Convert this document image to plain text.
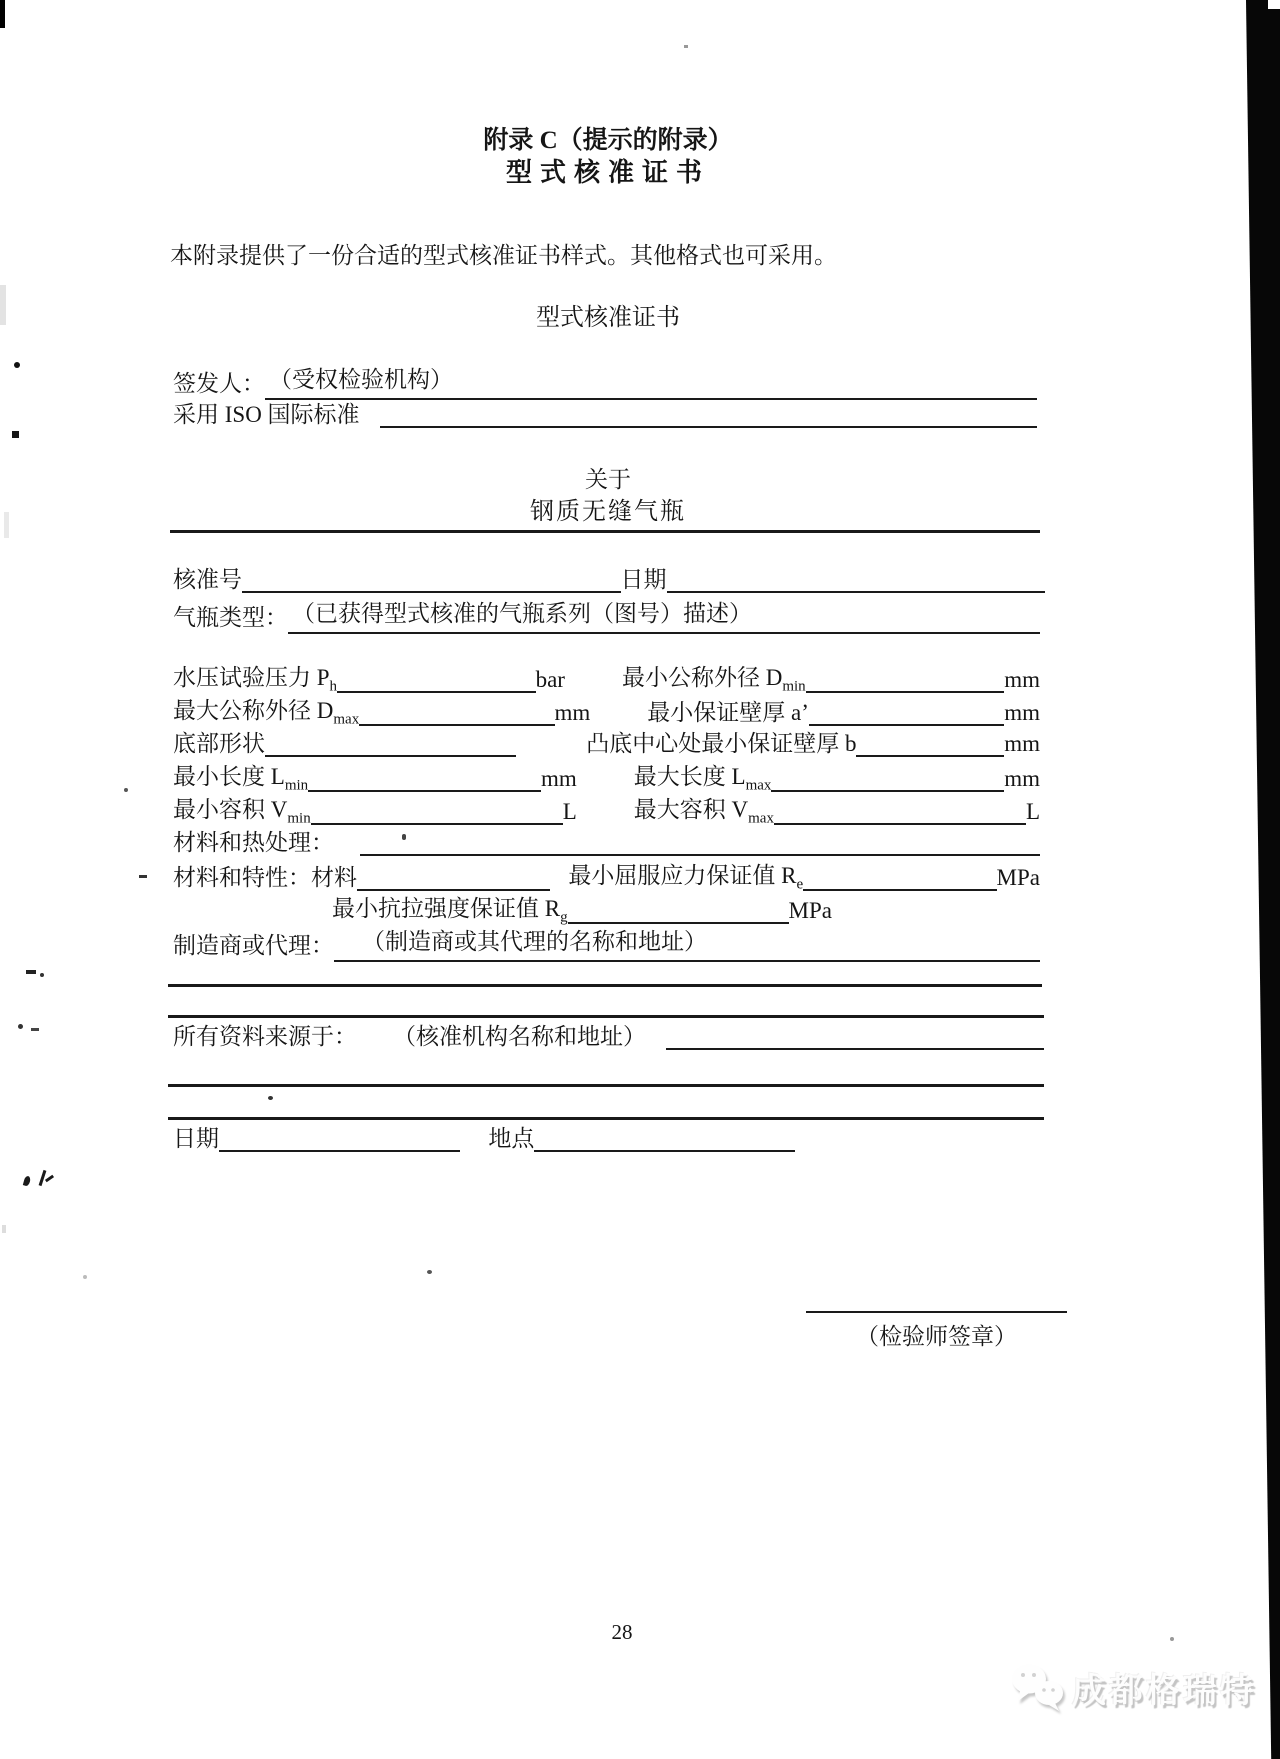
附录 C（提示的附录）
型式核准证书
本附录提供了一份合适的型式核准证书样式。其他格式也可采用。
型式核准证书
签发人： （受权检验机构）
采用 ISO 国际标准
关于
钢质无缝气瓶
核准号	日期
气瓶类型： （已获得型式核准的气瓶系列（图号）描述）
水压试验压力 $P_h$	bar 最小公称外径 $D_{min}$	mm
最大公称外径 $D_{max}$	mm 最小保证壁厚 a’	mm
底部形状	凸底中心处最小保证壁厚 b	mm
最小长度 $L_{min}$	mm 最大长度 $L_{max}$	mm
最小容积 $V_{min}$	L 最大容积 $V_{max}$	L
材料和热处理：
材料和特性：材料	最小屈服应力保证值 $R_e$	MPa
最小抗拉强度保证值 $R_g$	MPa
制造商或代理：	（制造商或其代理的名称和地址）
所有资料来源于： （核准机构名称和地址）
日期	地点
（检验师签章）
28
成都格瑞特
